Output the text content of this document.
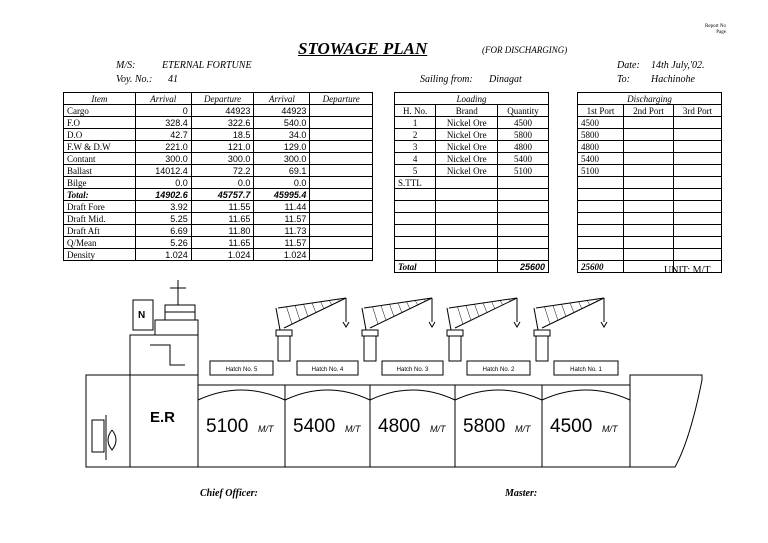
Report No
Page
STOWAGE PLAN	(FOR DISCHARGING)
M/S:	ETERNAL FORTUNE
Voy. No.: 41	Sailing from: Dinagat
Date: 14th July,'02.
To: Hachinohe
Item	Arrival	Departure	Arrival	Departure
Cargo	0	44923	44923	
F.O	328.4	322.6	540.0	
D.O	42.7	18.5	34.0	
F.W & D.W	221.0	121.0	129.0	
Contant	300.0	300.0	300.0	
Ballast	14012.4	72.2	69.1	
Bilge	0.0	0.0	0.0	
Total:	14902.6	45757.7	45995.4	
Draft Fore	3.92	11.55	11.44	
Draft Mid.	5.25	11.65	11.57	
Draft Aft	6.69	11.80	11.73	
Q/Mean	5.26	11.65	11.57	
Density	1.024	1.024	1.024	
Loading		
H. No.	Brand	Quantity
1	Nickel Ore	4500
2	Nickel Ore	5800
3	Nickel Ore	4800
4	Nickel Ore	5400
5	Nickel Ore	5100
S.TTL		

Total		25600
Discharging		
1st Port	2nd Port	3rd Port
4500		
5800		
4800		
5400		
5100		

25600			UNIT: M/T
N
E.R
Hatch No. 5
5100 M/T
Hatch No. 4
5400 M/T
Hatch No. 3
4800 M/T
Hatch No. 2
5800 M/T
Hatch No. 1
4500 M/T
Chief Officer:	Master:
